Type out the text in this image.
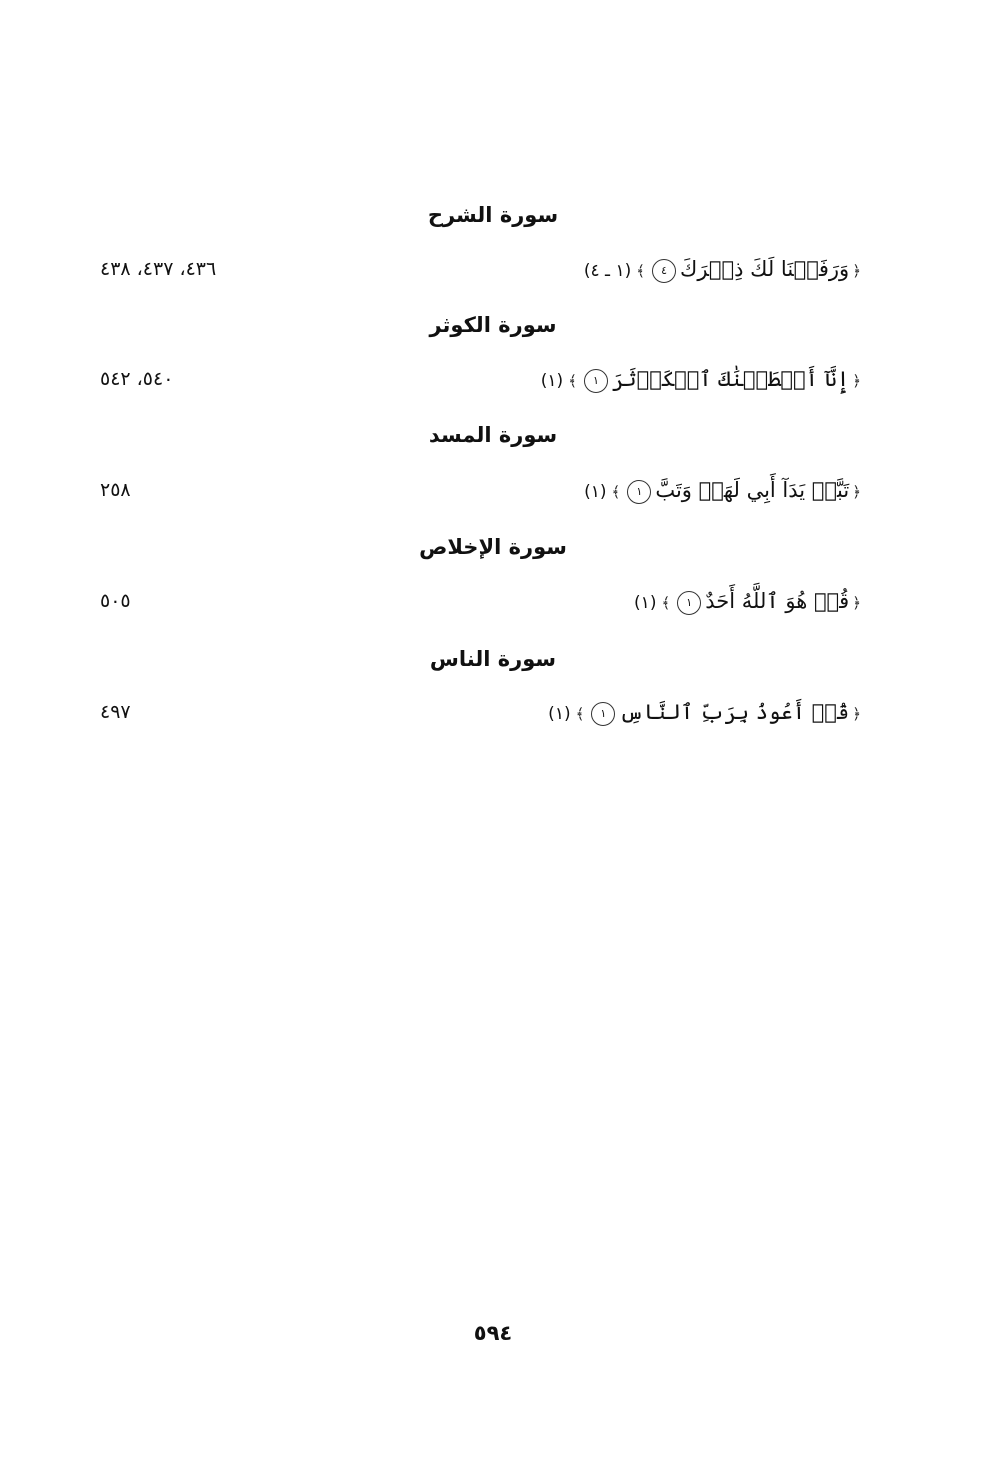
سورة الشرح
﴿وَرَفَعۡنَا لَكَ ذِكۡرَكَ٤﴾(١ ـ ٤)
٤٣٦، ٤٣٧، ٤٣٨
سورة الكوثر
﴿إِنَّآ أَعۡطَيۡنَٰكَ ٱلۡكَوۡثَرَ١﴾(١)
٥٤٠، ٥٤٢
سورة المسد
﴿تَبَّتۡ يَدَآ أَبِي لَهَبٖ وَتَبَّ١﴾(١)
٢٥٨
سورة الإخلاص
﴿قُلۡ هُوَ ٱللَّهُ أَحَدٌ١﴾(١)
٥٠٥
سورة الناس
﴿قُلۡ أَعُوذُ بِرَبِّ ٱلنَّاسِ١﴾(١)
٤٩٧
٥٩٤
